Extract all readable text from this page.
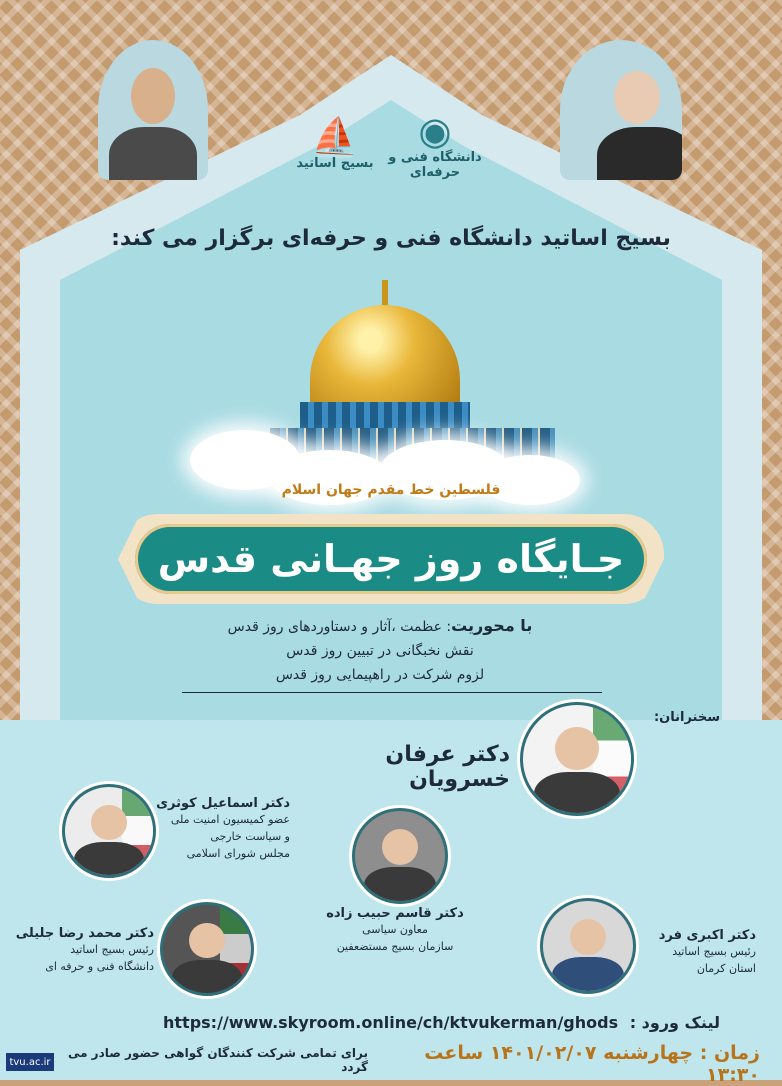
⛵
بسیج اساتید
◉
دانشگاه فنی و حرفه‌ای
بسیج اساتید دانشگاه فنی و حرفه‌ای برگزار می کند:
فلسطین خط مقدم جهان اسلام
جـایگاه روز جهـانی قدس
با محوریت: عظمت ،آثار و دستاوردهای روز قدس
نقش نخبگانی در تبیین روز قدس
لزوم شرکت در راهپیمایی روز قدس
سخنرانان:
دکتر عرفان خسرویان
دکتر اسماعیل کوثری
عضو کمیسیون امنیت ملی
و سیاست خارجی
مجلس شورای اسلامی
دکتر قاسم حبیب زاده
معاون سیاسی
سازمان بسیج مستضعفین
دکتر محمد رضا جلیلی
رئیس بسیج اساتید
دانشگاه فنی و حرفه ای
دکتر اکبری فرد
رئیس بسیج اساتید
استان کرمان
https://www.skyroom.online/ch/ktvukerman/ghods لینک ورود :
برای تمامی شرکت کنندگان گواهی حضور صادر می گردد
زمان : چهارشنبه ۱۴۰۱/۰۲/۰۷ ساعت ۱۳:۳۰
tvu.ac.ir
